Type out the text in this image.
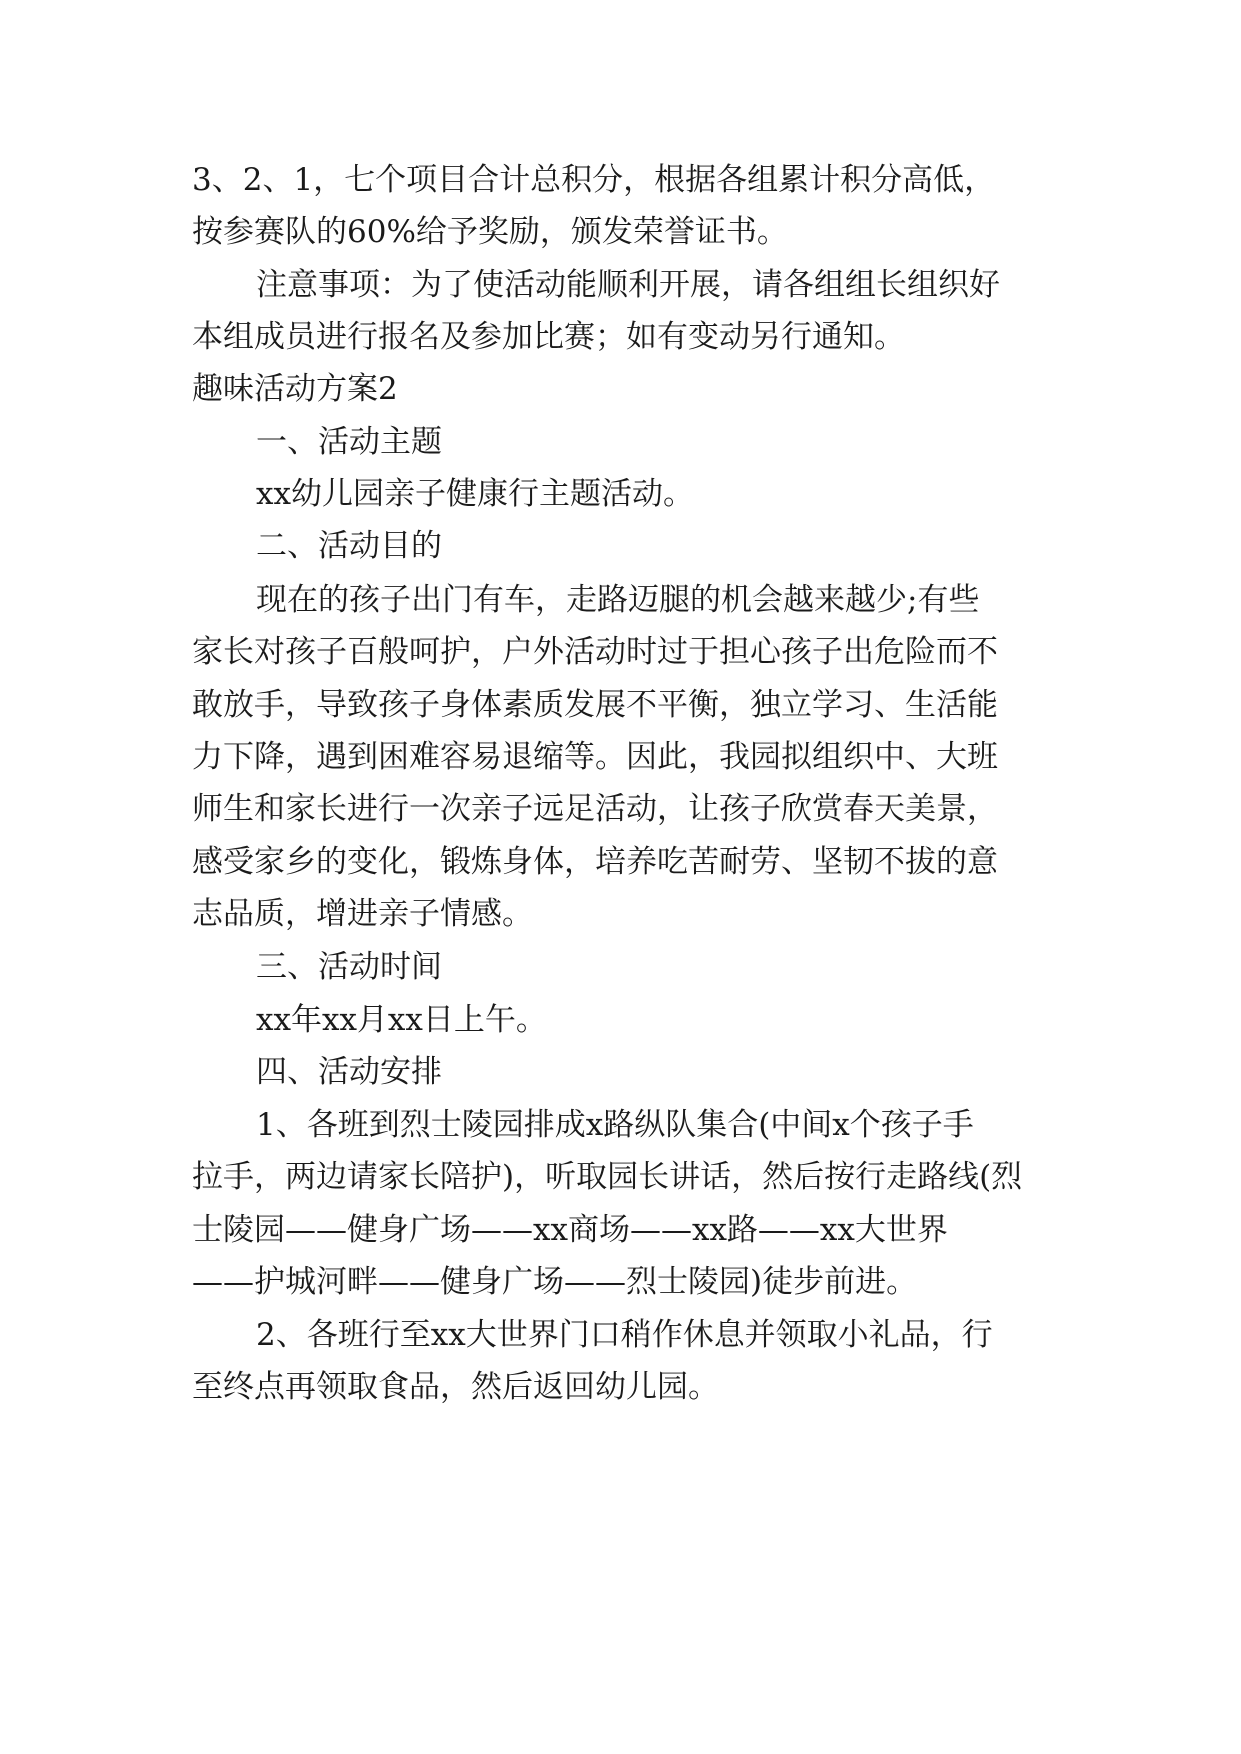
3、2、1，七个项目合计总积分，根据各组累计积分高低，
按参赛队的60%给予奖励，颁发荣誉证书。
注意事项：为了使活动能顺利开展，请各组组长组织好
本组成员进行报名及参加比赛；如有变动另行通知。
趣味活动方案2
一、活动主题
xx幼儿园亲子健康行主题活动。
二、活动目的
现在的孩子出门有车，走路迈腿的机会越来越少;有些
家长对孩子百般呵护，户外活动时过于担心孩子出危险而不
敢放手，导致孩子身体素质发展不平衡，独立学习、生活能
力下降，遇到困难容易退缩等。因此，我园拟组织中、大班
师生和家长进行一次亲子远足活动，让孩子欣赏春天美景，
感受家乡的变化，锻炼身体，培养吃苦耐劳、坚韧不拔的意
志品质，增进亲子情感。
三、活动时间
xx年xx月xx日上午。
四、活动安排
1、各班到烈士陵园排成x路纵队集合(中间x个孩子手
拉手，两边请家长陪护)，听取园长讲话，然后按行走路线(烈
士陵园——健身广场——xx商场——xx路——xx大世界
——护城河畔——健身广场——烈士陵园)徒步前进。
2、各班行至xx大世界门口稍作休息并领取小礼品，行
至终点再领取食品，然后返回幼儿园。
